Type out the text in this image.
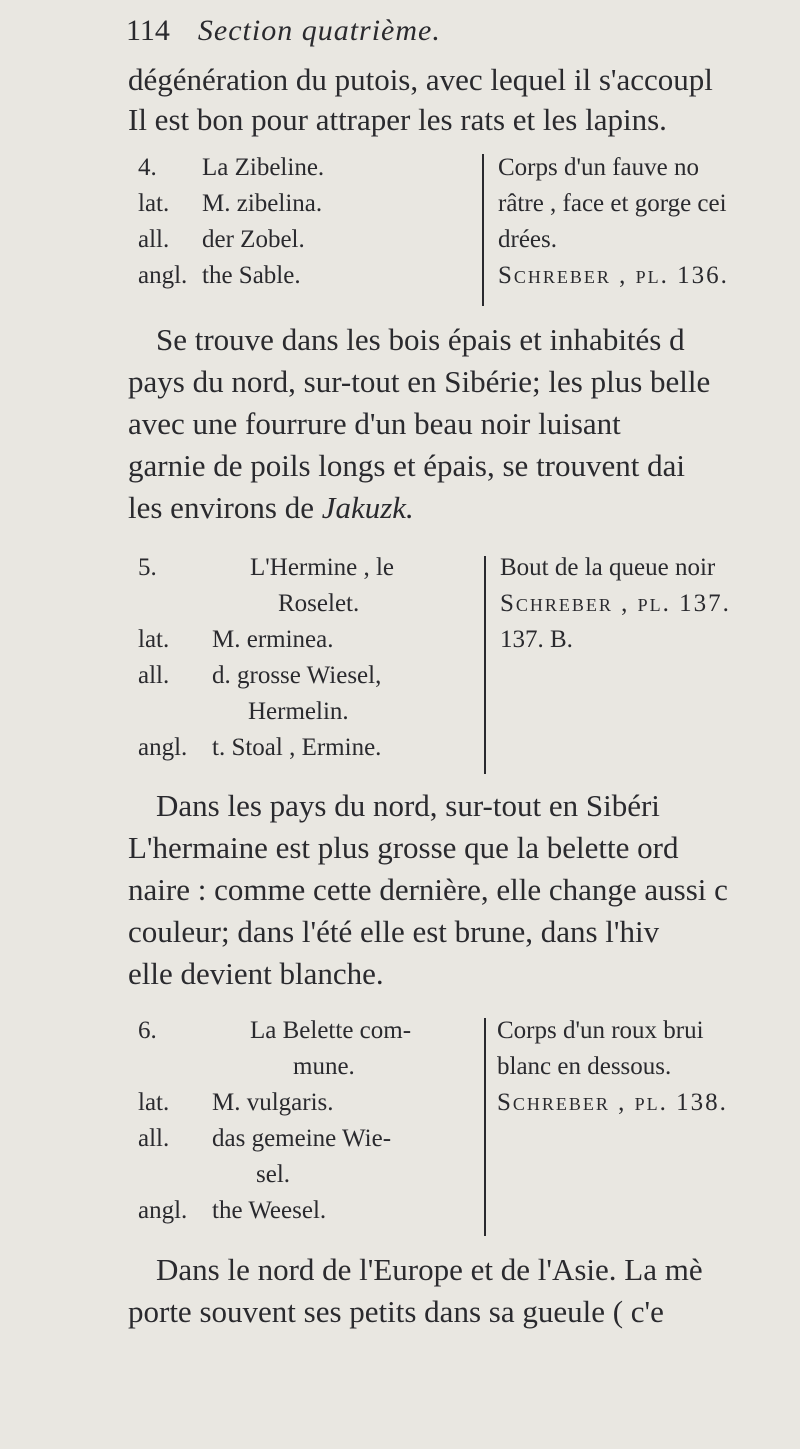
114 Section quatrième.
dégénération du putois, avec lequel il s'accoupl
Il est bon pour attraper les rats et les lapins.
4. La Zibeline.
lat. M. zibelina.
all. der Zobel.
angl. the Sable.
Corps d'un fauve no
râtre , face et gorge cei
drées.
Schreber , pl. 136.
Se trouve dans les bois épais et inhabités d
pays du nord, sur-tout en Sibérie; les plus belle
avec une fourrure d'un beau noir luisant
garnie de poils longs et épais, se trouvent dai
les environs de Jakuzk.
5.	L'Hermine , le
Roselet.
lat. M. erminea.
all. d. grosse Wiesel,
Hermelin.
angl. t. Stoal , Ermine.
Bout de la queue noir
Schreber , pl. 137.
137. B.
Dans les pays du nord, sur-tout en Sibéri
L'hermaine est plus grosse que la belette ord
naire : comme cette dernière, elle change aussi c
couleur; dans l'été elle est brune, dans l'hiv
elle devient blanche.
6.	La Belette com-
mune.
lat. M. vulgaris.
all. das gemeine Wie-
sel.
angl. the Weesel.
Corps d'un roux brui
blanc en dessous.
Schreber , pl. 138.
Dans le nord de l'Europe et de l'Asie. La mè
porte souvent ses petits dans sa gueule ( c'e
